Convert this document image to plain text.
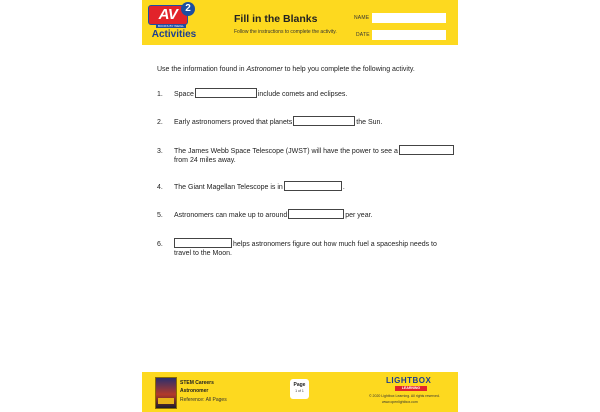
AV 2
BOOKS BY WEIGL
Activities
Fill in the Blanks
Follow the instructions to complete the activity.
NAME
DATE
Use the information found in Astronomer to help you complete the following activity.
1.	Space	include comets and eclipses.
2.	Early astronomers proved that planets	the Sun.
3.	The James Webb Space Telescope (JWST) will have the power to see a
from 24 miles away.
4.	The Giant Magellan Telescope is in	.
5.	Astronomers can make up to around	per year.
6.	helps astronomers figure out how much fuel a spaceship needs to
travel to the Moon.
STEM Careers
Astronomer
Reference: All Pages
Page
1 of 1
LIGHTBOX
LEARNING
© 2020 Lightbox Learning. All rights reserved.
www.openlightbox.com
